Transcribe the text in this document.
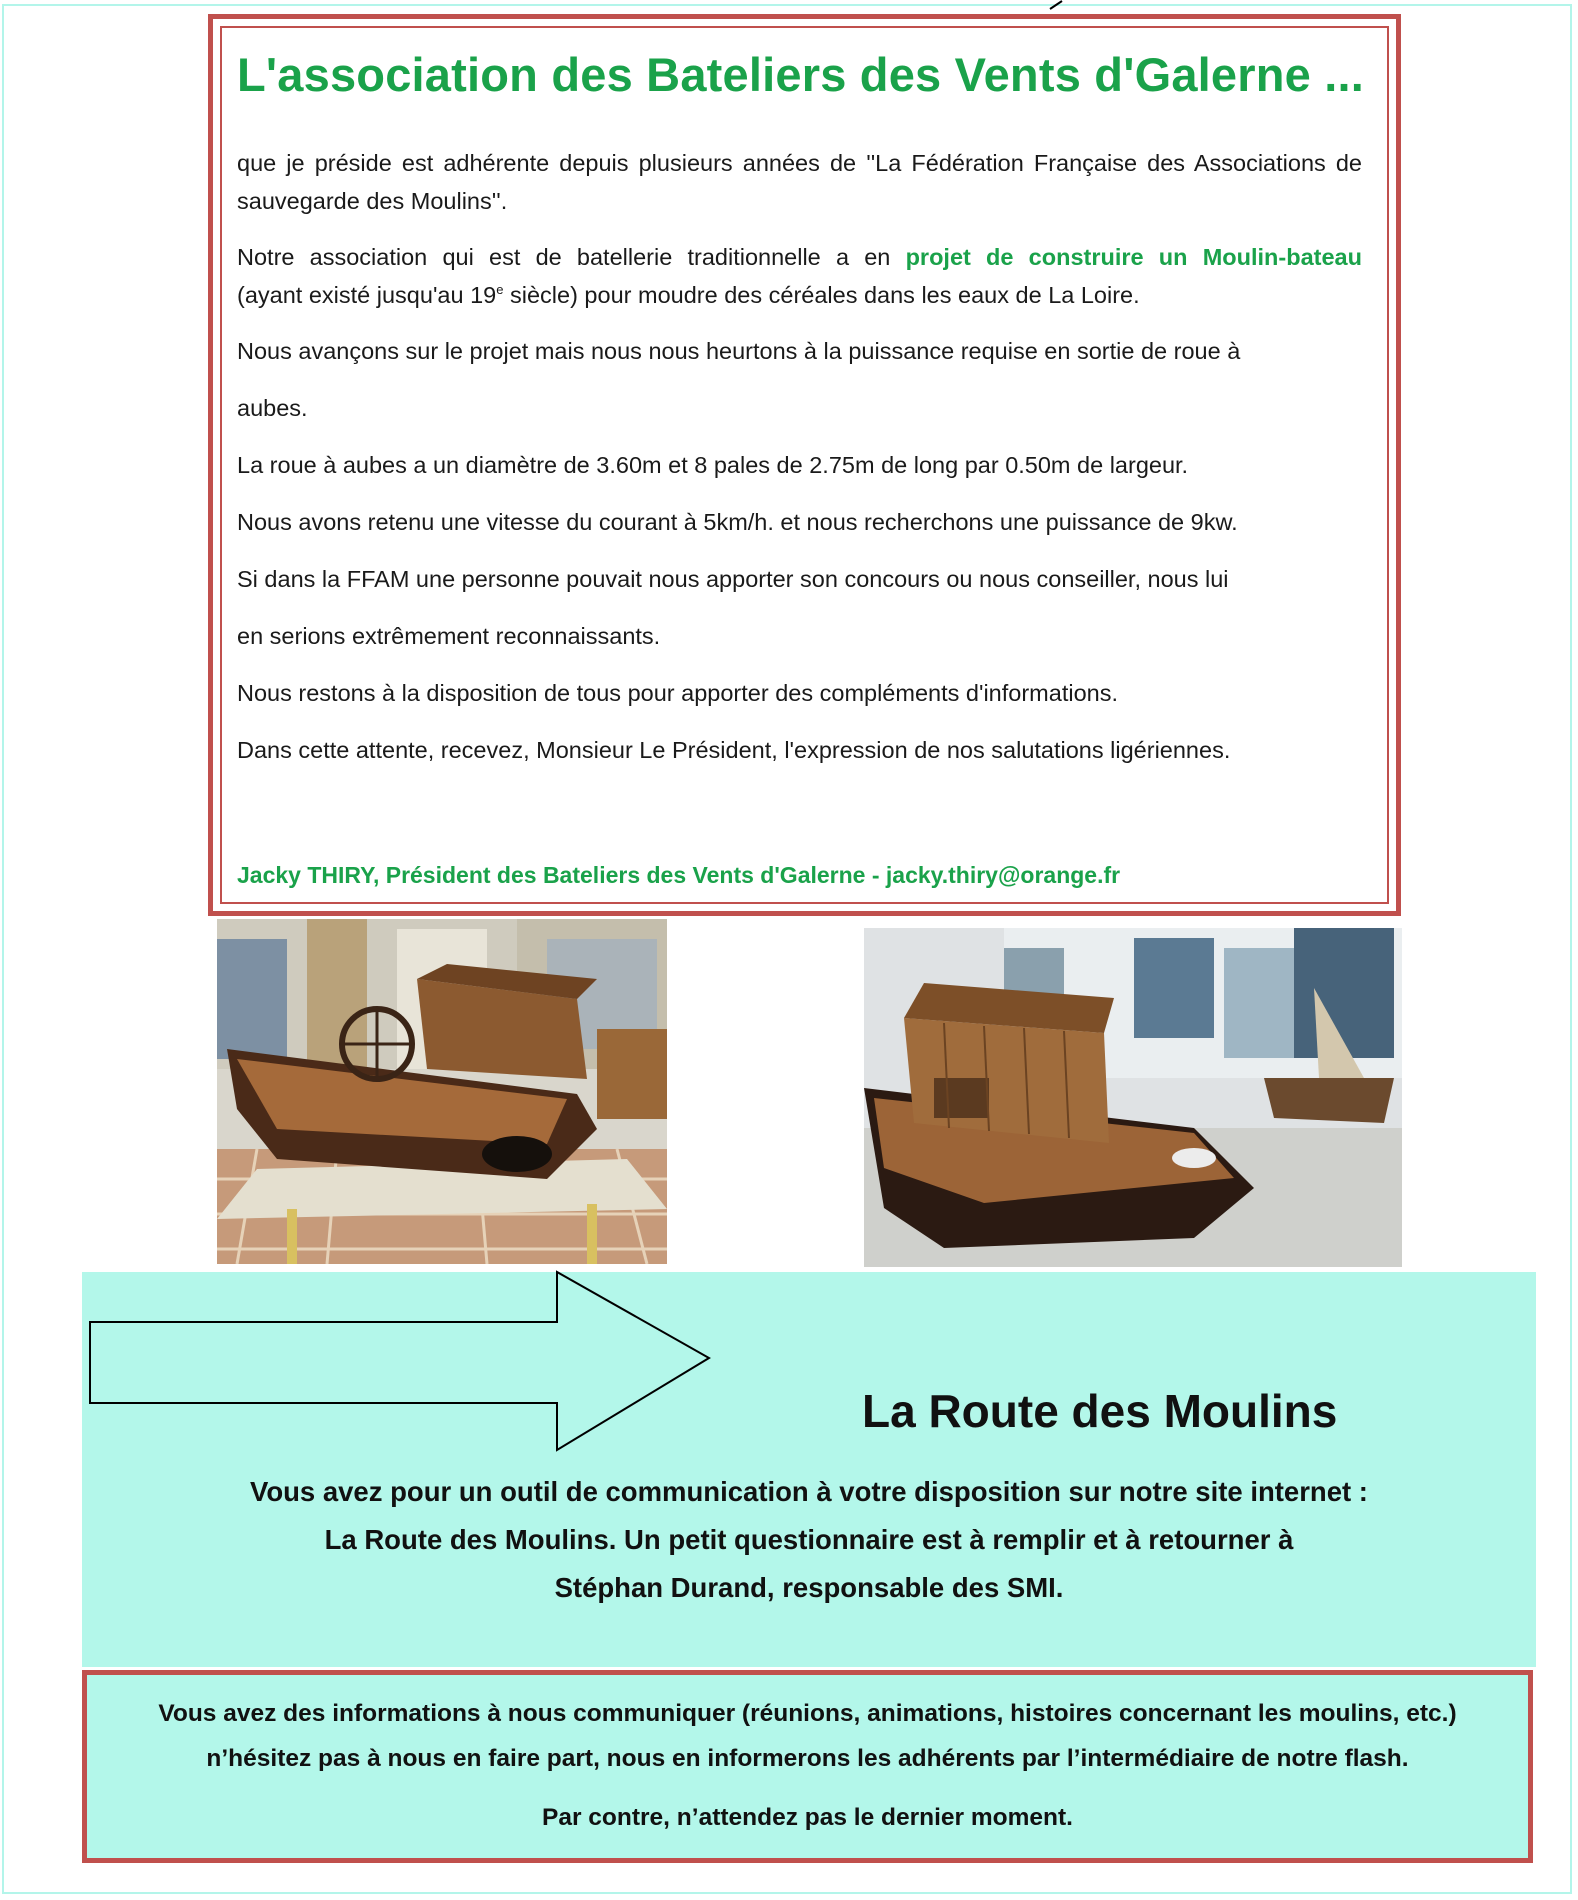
L'association des Bateliers des Vents d'Galerne ...

que je préside est adhérente depuis plusieurs années de ''La Fédération Française des Associations de sauvegarde des Moulins''.

Notre association qui est de batellerie traditionnelle a en projet de construire un Moulin-bateau
(ayant existé jusqu'au 19e siècle) pour moudre des céréales dans les eaux de La Loire.

Nous avançons sur le projet mais nous nous heurtons à la puissance requise en sortie de roue à

aubes.

La roue à aubes a un diamètre de 3.60m et 8 pales de 2.75m de long par 0.50m de largeur.

Nous avons retenu une vitesse du courant à 5km/h. et nous recherchons une puissance de 9kw.

Si dans la FFAM une personne pouvait nous apporter son concours ou nous conseiller, nous lui

en serions extrêmement reconnaissants.

Nous restons à la disposition de tous pour apporter des compléments d'informations.

Dans cette attente, recevez, Monsieur Le Président, l'expression de nos salutations ligériennes.

Jacky THIRY, Président des Bateliers des Vents d'Galerne - jacky.thiry@orange.fr

La Route des Moulins
Vous avez pour un outil de communication à votre disposition sur notre site internet :
La Route des Moulins. Un petit questionnaire est à remplir et à retourner à
Stéphan Durand, responsable des SMI.
Vous avez des informations à nous communiquer (réunions, animations, histoires concernant les moulins, etc.)
n’hésitez pas à nous en faire part, nous en informerons les adhérents par l’intermédiaire de notre flash.
Par contre, n’attendez pas le dernier moment.
